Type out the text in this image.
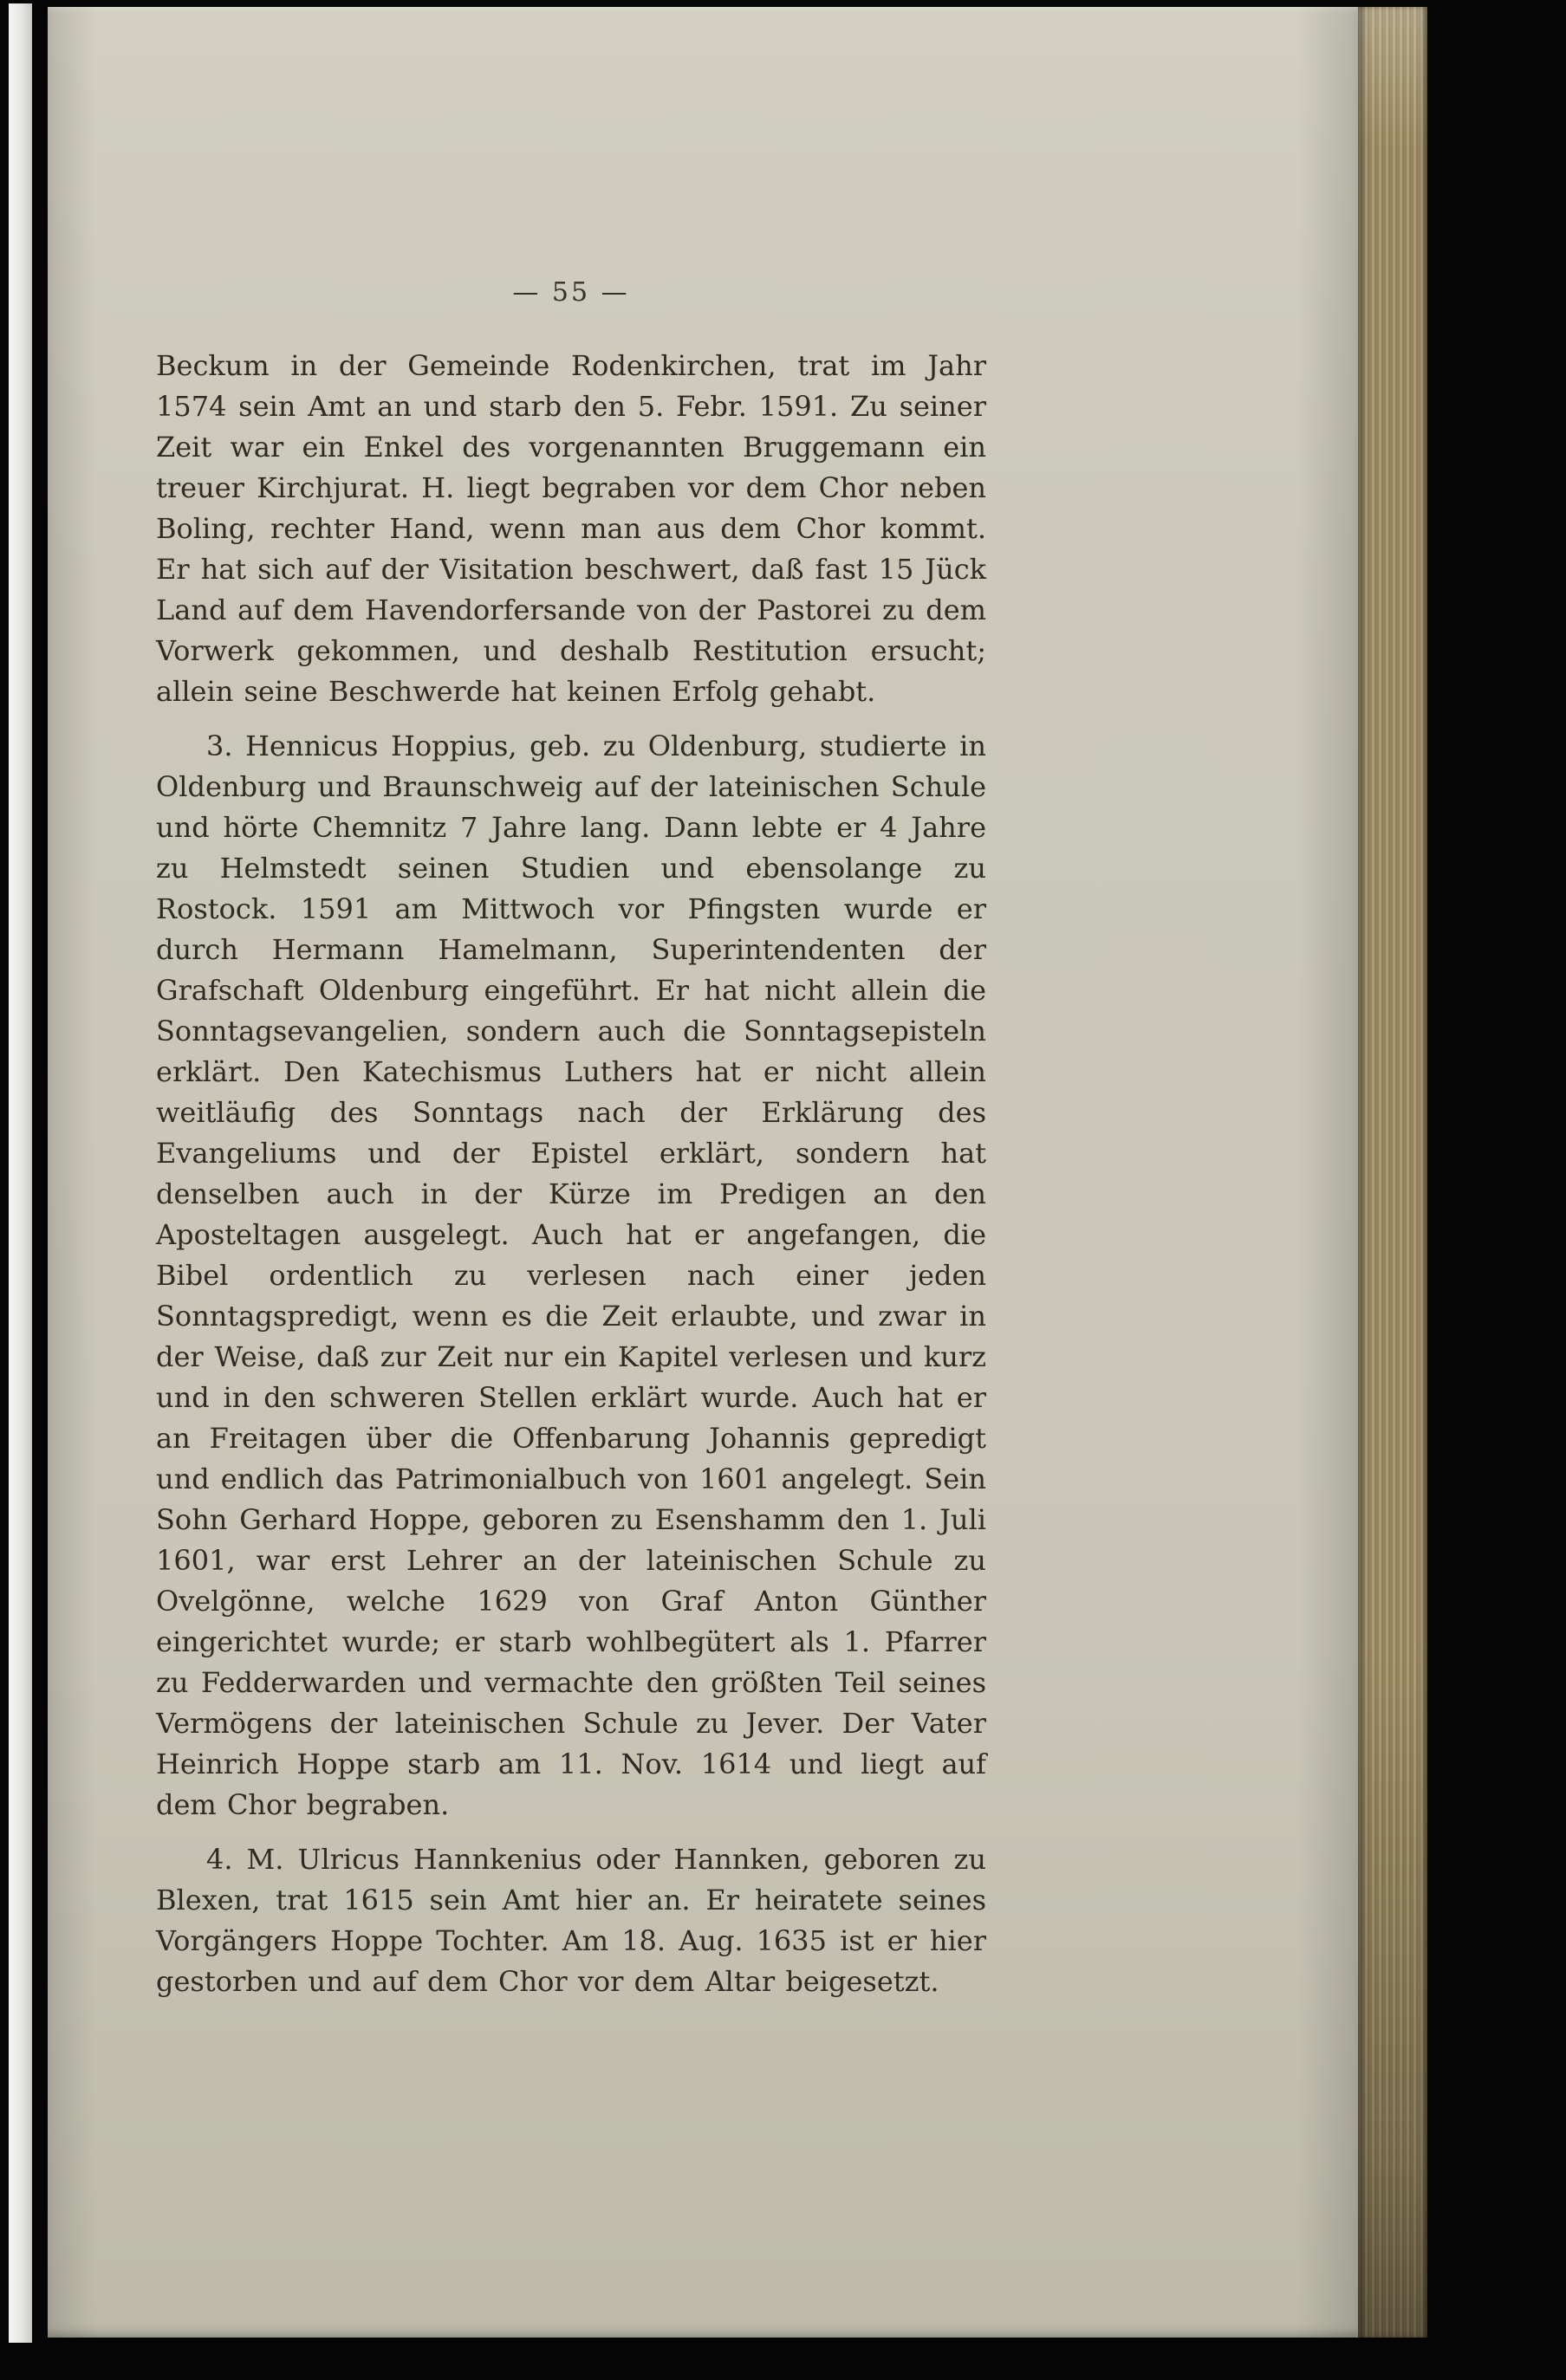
— 55 —

Beckum in der Gemeinde Rodenkirchen, trat im Jahr 1574 sein Amt an und starb den 5. Febr. 1591. Zu seiner Zeit war ein Enkel des vorgenannten Bruggemann ein treuer Kirchjurat. H. liegt begraben vor dem Chor neben Boling, rechter Hand, wenn man aus dem Chor kommt. Er hat sich auf der Visitation beschwert, daß fast 15 Jück Land auf dem Havendorfersande von der Pastorei zu dem Vorwerk gekommen, und deshalb Restitution ersucht; allein seine Beschwerde hat keinen Erfolg gehabt.

3. Hennicus Hoppius, geb. zu Oldenburg, studierte in Oldenburg und Braunschweig auf der lateinischen Schule und hörte Chemnitz 7 Jahre lang. Dann lebte er 4 Jahre zu Helmstedt seinen Studien und ebensolange zu Rostock. 1591 am Mittwoch vor Pfingsten wurde er durch Hermann Hamelmann, Superintendenten der Grafschaft Oldenburg eingeführt. Er hat nicht allein die Sonntagsevangelien, sondern auch die Sonntagsepisteln erklärt. Den Katechismus Luthers hat er nicht allein weitläufig des Sonntags nach der Erklärung des Evangeliums und der Epistel erklärt, sondern hat denselben auch in der Kürze im Predigen an den Aposteltagen ausgelegt. Auch hat er angefangen, die Bibel ordentlich zu verlesen nach einer jeden Sonntagspredigt, wenn es die Zeit erlaubte, und zwar in der Weise, daß zur Zeit nur ein Kapitel verlesen und kurz und in den schweren Stellen erklärt wurde. Auch hat er an Freitagen über die Offenbarung Johannis gepredigt und endlich das Patrimonialbuch von 1601 angelegt. Sein Sohn Gerhard Hoppe, geboren zu Esenshamm den 1. Juli 1601, war erst Lehrer an der lateinischen Schule zu Ovelgönne, welche 1629 von Graf Anton Günther eingerichtet wurde; er starb wohlbegütert als 1. Pfarrer zu Fedderwarden und vermachte den größten Teil seines Vermögens der lateinischen Schule zu Jever. Der Vater Heinrich Hoppe starb am 11. Nov. 1614 und liegt auf dem Chor begraben.

4. M. Ulricus Hannkenius oder Hannken, geboren zu Blexen, trat 1615 sein Amt hier an. Er heiratete seines Vorgängers Hoppe Tochter. Am 18. Aug. 1635 ist er hier gestorben und auf dem Chor vor dem Altar beigesetzt.
